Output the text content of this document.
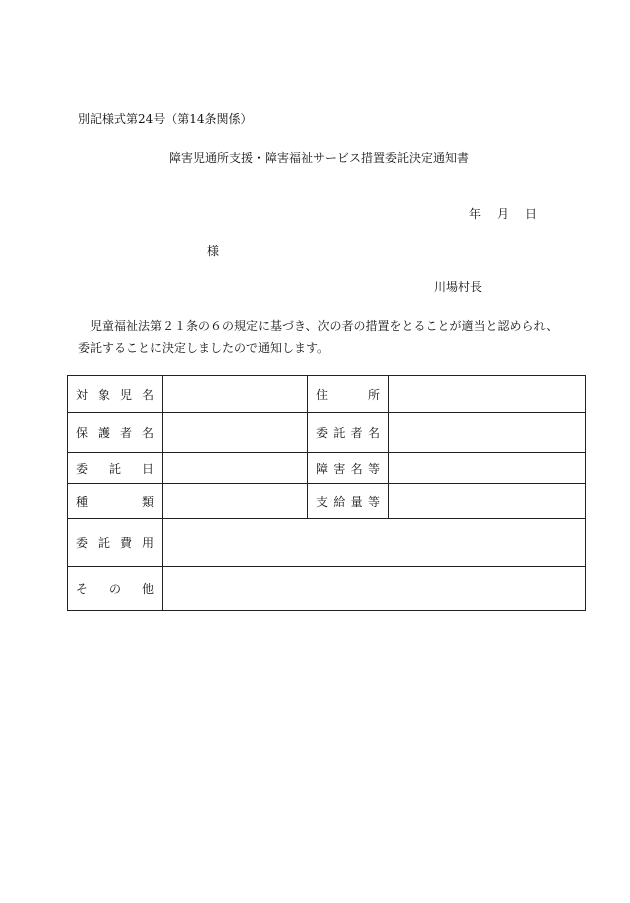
別記様式第24号（第14条関係）
障害児通所支援・障害福祉サービス措置委託決定通知書
年 月 日
様
川場村長
児童福祉法第２１条の６の規定に基づき、次の者の措置をとることが適当と認められ、
委託することに決定しましたので通知します。
対象児名		住所	
保護者名		委託者名	
委託日		障害名等	
種類		支給量等	
委託費用			
その他			
